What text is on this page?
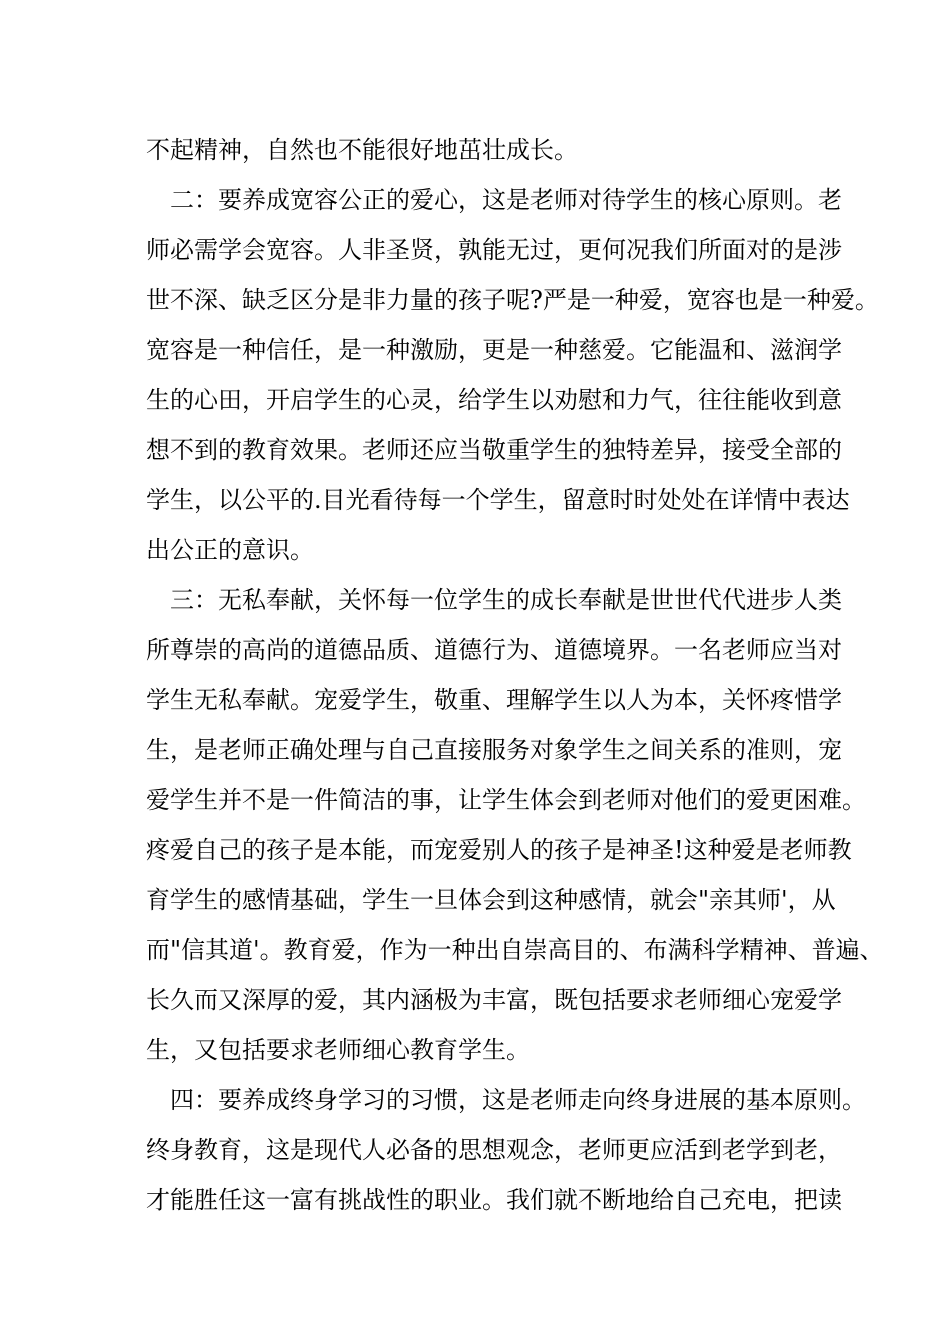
不起精神，自然也不能很好地茁壮成长。
二：要养成宽容公正的爱心，这是老师对待学生的核心原则。老
师必需学会宽容。人非圣贤，孰能无过，更何况我们所面对的是涉
世不深、缺乏区分是非力量的孩子呢?严是一种爱，宽容也是一种爱。
宽容是一种信任，是一种激励，更是一种慈爱。它能温和、滋润学
生的心田，开启学生的心灵，给学生以劝慰和力气，往往能收到意
想不到的教育效果。老师还应当敬重学生的独特差异，接受全部的
学生，以公平的.目光看待每一个学生，留意时时处处在详情中表达
出公正的意识。
三：无私奉献，关怀每一位学生的成长奉献是世世代代进步人类
所尊崇的高尚的道德品质、道德行为、道德境界。一名老师应当对
学生无私奉献。宠爱学生，敬重、理解学生以人为本，关怀疼惜学
生，是老师正确处理与自己直接服务对象学生之间关系的准则，宠
爱学生并不是一件简洁的事，让学生体会到老师对他们的爱更困难。
疼爱自己的孩子是本能，而宠爱别人的孩子是神圣!这种爱是老师教
育学生的感情基础，学生一旦体会到这种感情，就会"亲其师'，从
而"信其道'。教育爱，作为一种出自崇高目的、布满科学精神、普遍、
长久而又深厚的爱，其内涵极为丰富，既包括要求老师细心宠爱学
生，又包括要求老师细心教育学生。
四：要养成终身学习的习惯，这是老师走向终身进展的基本原则。
终身教育，这是现代人必备的思想观念，老师更应活到老学到老，
才能胜任这一富有挑战性的职业。我们就不断地给自己充电，把读
